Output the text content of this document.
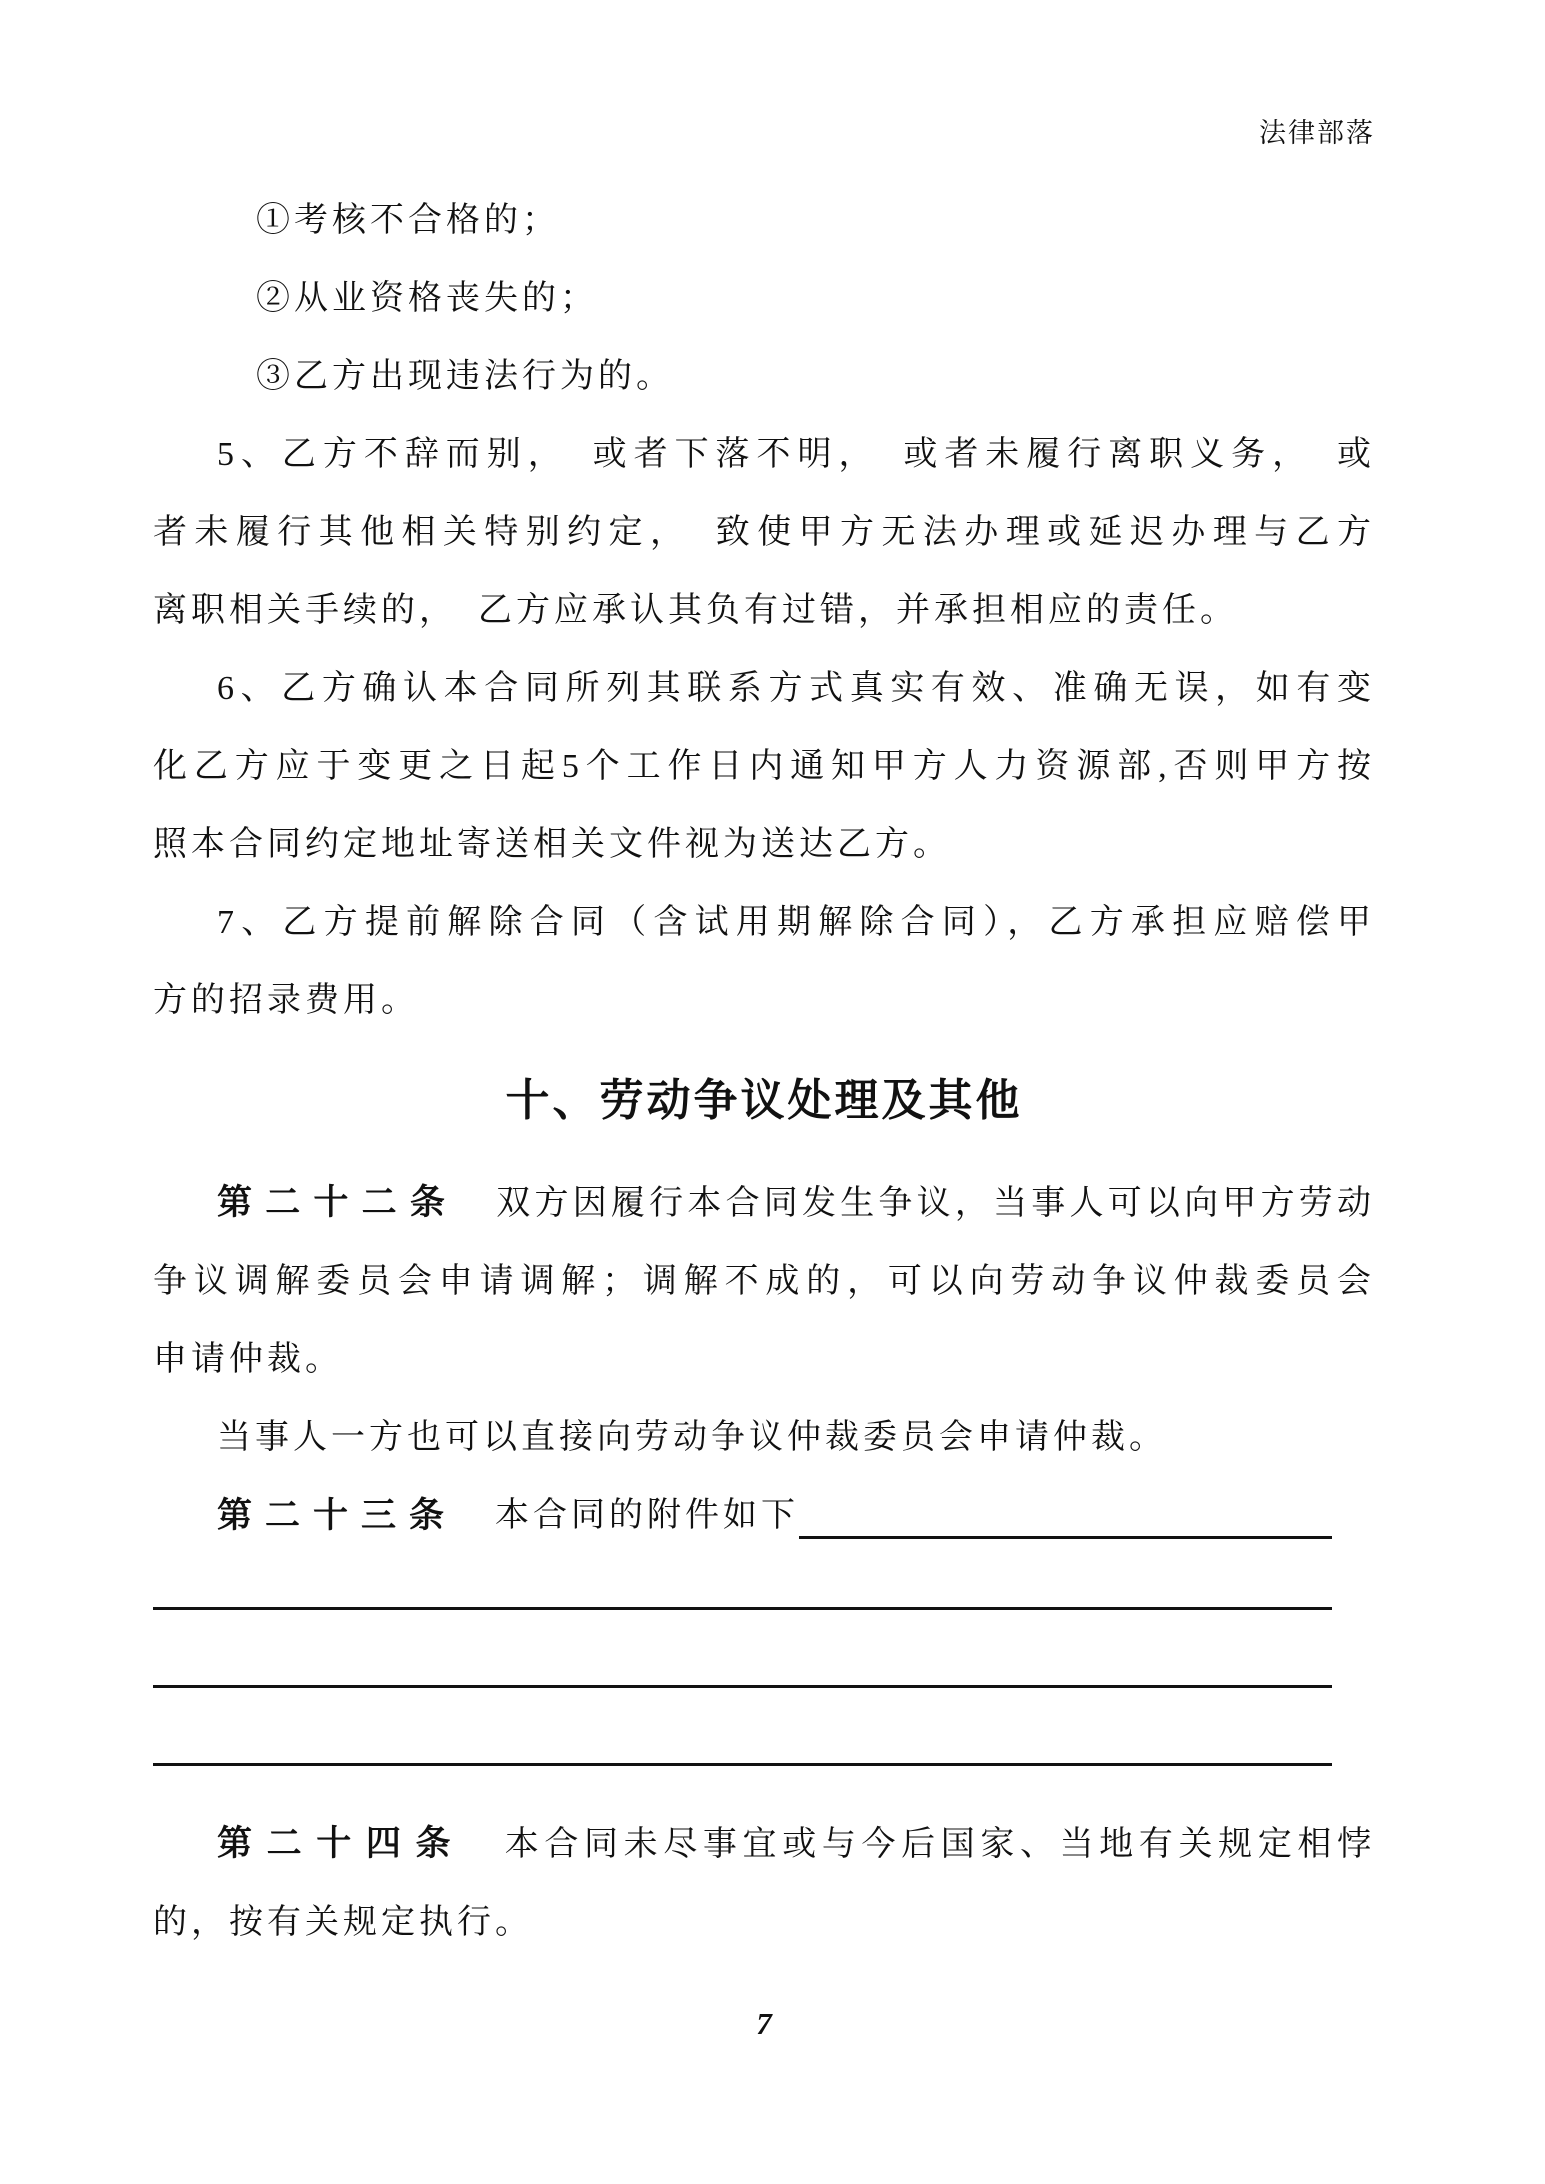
法律部落
①考核不合格的；
②从业资格丧失的；
③乙方出现违法行为的。
5、乙方不辞而别，　或者下落不明，　或者未履行离职义务，　或
者未履行其他相关特别约定，　致使甲方无法办理或延迟办理与乙方
离职相关手续的，　乙方应承认其负有过错，并承担相应的责任。
6、乙方确认本合同所列其联系方式真实有效、准确无误，如有变
化乙方应于变更之日起5个工作日内通知甲方人力资源部,否则甲方按
照本合同约定地址寄送相关文件视为送达乙方。
7、乙方提前解除合同（含试用期解除合同），乙方承担应赔偿甲
方的招录费用。
十、劳动争议处理及其他
第二十二条　双方因履行本合同发生争议，当事人可以向甲方劳动
争议调解委员会申请调解；调解不成的，可以向劳动争议仲裁委员会
申请仲裁。
当事人一方也可以直接向劳动争议仲裁委员会申请仲裁。
第二十三条 　本合同的附件如下
第二十四条　本合同未尽事宜或与今后国家、当地有关规定相悖
的，按有关规定执行。
7
